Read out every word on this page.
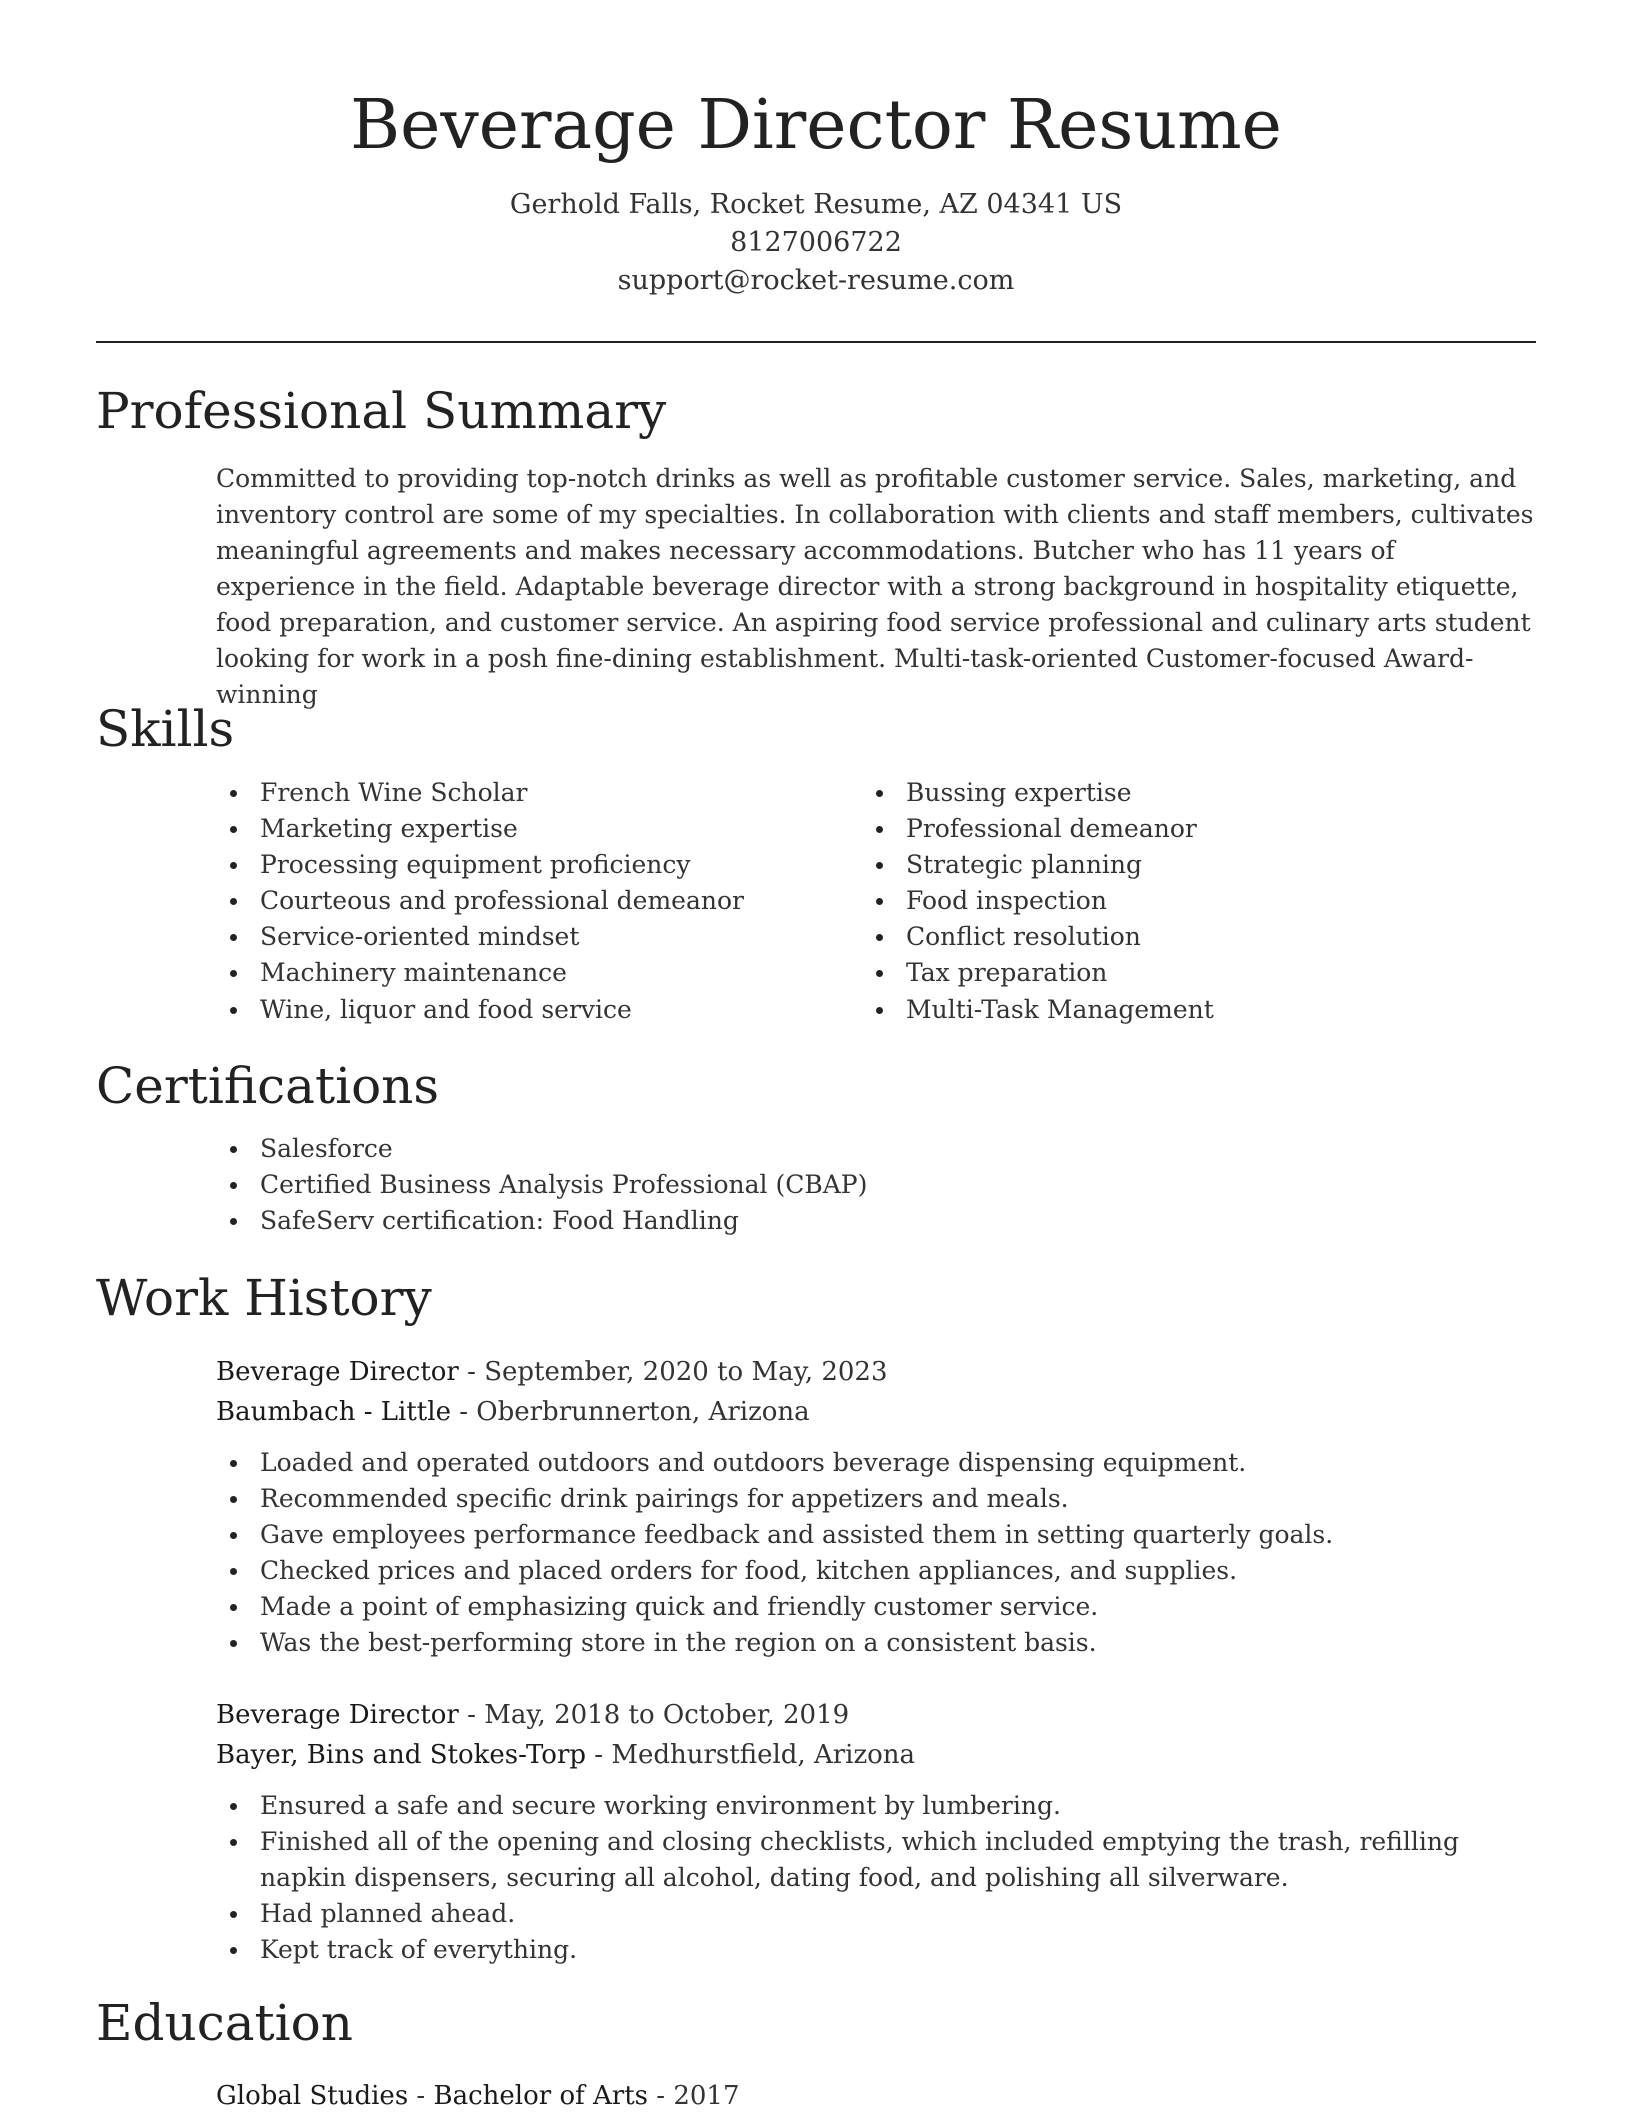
Beverage Director Resume
Gerhold Falls, Rocket Resume, AZ 04341 US
8127006722
support@rocket-resume.com
Professional Summary

Committed to providing top-notch drinks as well as profitable customer service. Sales, marketing, and inventory control are some of my specialties. In collaboration with clients and staff members, cultivates meaningful agreements and makes necessary accommodations. Butcher who has 11 years of experience in the field. Adaptable beverage director with a strong background in hospitality etiquette, food preparation, and customer service. An aspiring food service professional and culinary arts student looking for work in a posh fine-dining establishment. Multi-task-oriented Customer-focused Award-winning

Skills
French Wine Scholar
Marketing expertise
Processing equipment proficiency
Courteous and professional demeanor
Service-oriented mindset
Machinery maintenance
Wine, liquor and food service
Bussing expertise
Professional demeanor
Strategic planning
Food inspection
Conflict resolution
Tax preparation
Multi-Task Management
Certifications
Salesforce
Certified Business Analysis Professional (CBAP)
SafeServ certification: Food Handling
Work History
Beverage Director - September, 2020 to May, 2023
Baumbach - Little - Oberbrunnerton, Arizona
Loaded and operated outdoors and outdoors beverage dispensing equipment.
Recommended specific drink pairings for appetizers and meals.
Gave employees performance feedback and assisted them in setting quarterly goals.
Checked prices and placed orders for food, kitchen appliances, and supplies.
Made a point of emphasizing quick and friendly customer service.
Was the best-performing store in the region on a consistent basis.
Beverage Director - May, 2018 to October, 2019
Bayer, Bins and Stokes-Torp - Medhurstfield, Arizona
Ensured a safe and secure working environment by lumbering.
Finished all of the opening and closing checklists, which included emptying the trash, refilling napkin dispensers, securing all alcohol, dating food, and polishing all silverware.
Had planned ahead.
Kept track of everything.
Education
Global Studies - Bachelor of Arts - 2017
